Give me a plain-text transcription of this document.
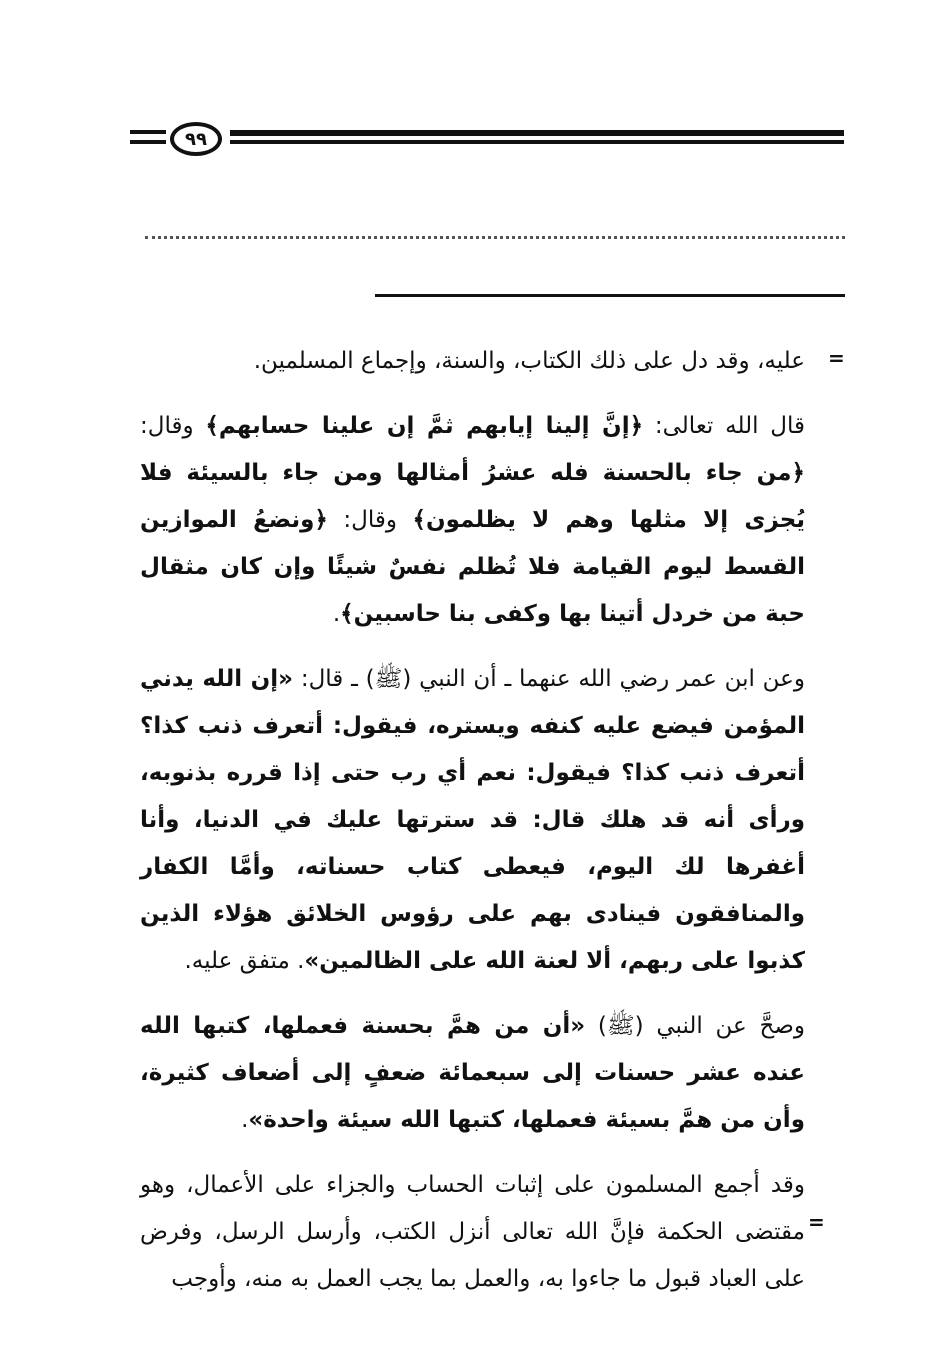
٩٩
=
=

عليه، وقد دل على ذلك الكتاب، والسنة، وإجماع المسلمين.

قال الله تعالى: ﴿إنَّ إلينا إيابهم ثمَّ إن علينا حسابهم﴾ وقال: ﴿من جاء بالحسنة فله عشرُ أمثالها ومن جاء بالسيئة فلا يُجزى إلا مثلها وهم لا يظلمون﴾ وقال: ﴿ونضعُ الموازين القسط ليوم القيامة فلا تُظلم نفسٌ شيئًا وإن كان مثقال حبة من خردل أتينا بها وكفى بنا حاسبين﴾.

وعن ابن عمر رضي الله عنهما ـ أن النبي (ﷺ) ـ قال: «إن الله يدني المؤمن فيضع عليه كنفه ويستره، فيقول: أتعرف ذنب كذا؟ أتعرف ذنب كذا؟ فيقول: نعم أي رب حتى إذا قرره بذنوبه، ورأى أنه قد هلك قال: قد سترتها عليك في الدنيا، وأنا أغفرها لك اليوم، فيعطى كتاب حسناته، وأمَّا الكفار والمنافقون فينادى بهم على رؤوس الخلائق هؤلاء الذين كذبوا على ربهم، ألا لعنة الله على الظالمين». متفق عليه.

وصحَّ عن النبي (ﷺ) «أن من همَّ بحسنة فعملها، كتبها الله عنده عشر حسنات إلى سبعمائة ضعفٍ إلى أضعاف كثيرة، وأن من همَّ بسيئة فعملها، كتبها الله سيئة واحدة».

وقد أجمع المسلمون على إثبات الحساب والجزاء على الأعمال، وهو مقتضى الحكمة فإنَّ الله تعالى أنزل الكتب، وأرسل الرسل، وفرض على العباد قبول ما جاءوا به، والعمل بما يجب العمل به منه، وأوجب
